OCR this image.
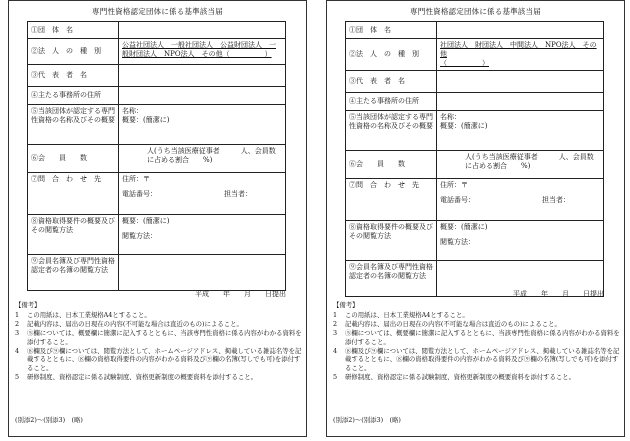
専門性資格認定団体に係る基準該当届
①団　体　名	
②法　人　の　種　別	公益社団法人　一般社団法人　公益財団法人　一
般財団法人　NPO法人　その他（　　　　　）

③代　表　者　名	
④主たる事務所の住所	
⑤当該団体が認定する専門性資格の名称及びその概要	名称：
概要：(簡潔に)

⑥会　　員　　数	人(うち当該医療従事者　　　人、会員数に占める割合　　%)
⑦問　合　わ　せ　先	住所：〒
電話番号： 担当者：

⑧資格取得要件の概要及びその閲覧方法	概要：(簡潔に)
閲覧方法：

⑨会員名簿及び専門性資格認定者の名簿の閲覧方法	
平成 年 月 日提出
【備考】
1	この用紙は、日本工業規格A4とすること。
2	記載内容は、届出の日現在の内容(不可能な場合は直近のもの)によること。
3	⑤欄については、概要欄に簡潔に記入するとともに、当該専門性資格に係る内容がわかる資料を添付すること。
4	⑧欄及び⑨欄については、閲覧方法として、ホームページアドレス、掲載している雑誌名等を記載するとともに、⑧欄の資格取得要件の内容がわかる資料及び⑨欄の名簿(写しでも可)を添付すること。
5	研修制度、資格認定に係る試験制度、資格更新制度の概要資料を添付すること。
(別添2)～(別添3)　(略)
専門性資格認定団体に係る基準該当届
①団　体　名	
②法　人　の　種　別	社団法人　財団法人　中間法人　NPO法人　その他
（　　　　　）

③代　表　者　名	
④主たる事務所の住所	
⑤当該団体が認定する専門性資格の名称及びその概要	名称：
概要：(簡潔に)

⑥会　　員　　数	人(うち当該医療従事者　　　人、会員数に占める割合　　%)
⑦問　合　わ　せ　先	住所：〒
電話番号： 担当者：

⑧資格取得要件の概要及びその閲覧方法	概要：(簡潔に)
閲覧方法：

⑨会員名簿及び専門性資格認定者の名簿の閲覧方法	
平成 年 月 日提出
【備考】
1	この用紙は、日本工業規格A4とすること。
2	記載内容は、届出の日現在の内容(不可能な場合は直近のもの)によること。
3	⑤欄については、概要欄に簡潔に記入するとともに、当該専門性資格に係る内容がわかる資料を添付すること。
4	⑧欄及び⑨欄については、閲覧方法として、ホームページアドレス、掲載している雑誌名等を記載するとともに、⑧欄の資格取得要件の内容がわかる資料及び⑨欄の名簿(写しでも可)を添付すること。
5	研修制度、資格認定に係る試験制度、資格更新制度の概要資料を添付すること。
(別添2)～(別添3)　(略)
